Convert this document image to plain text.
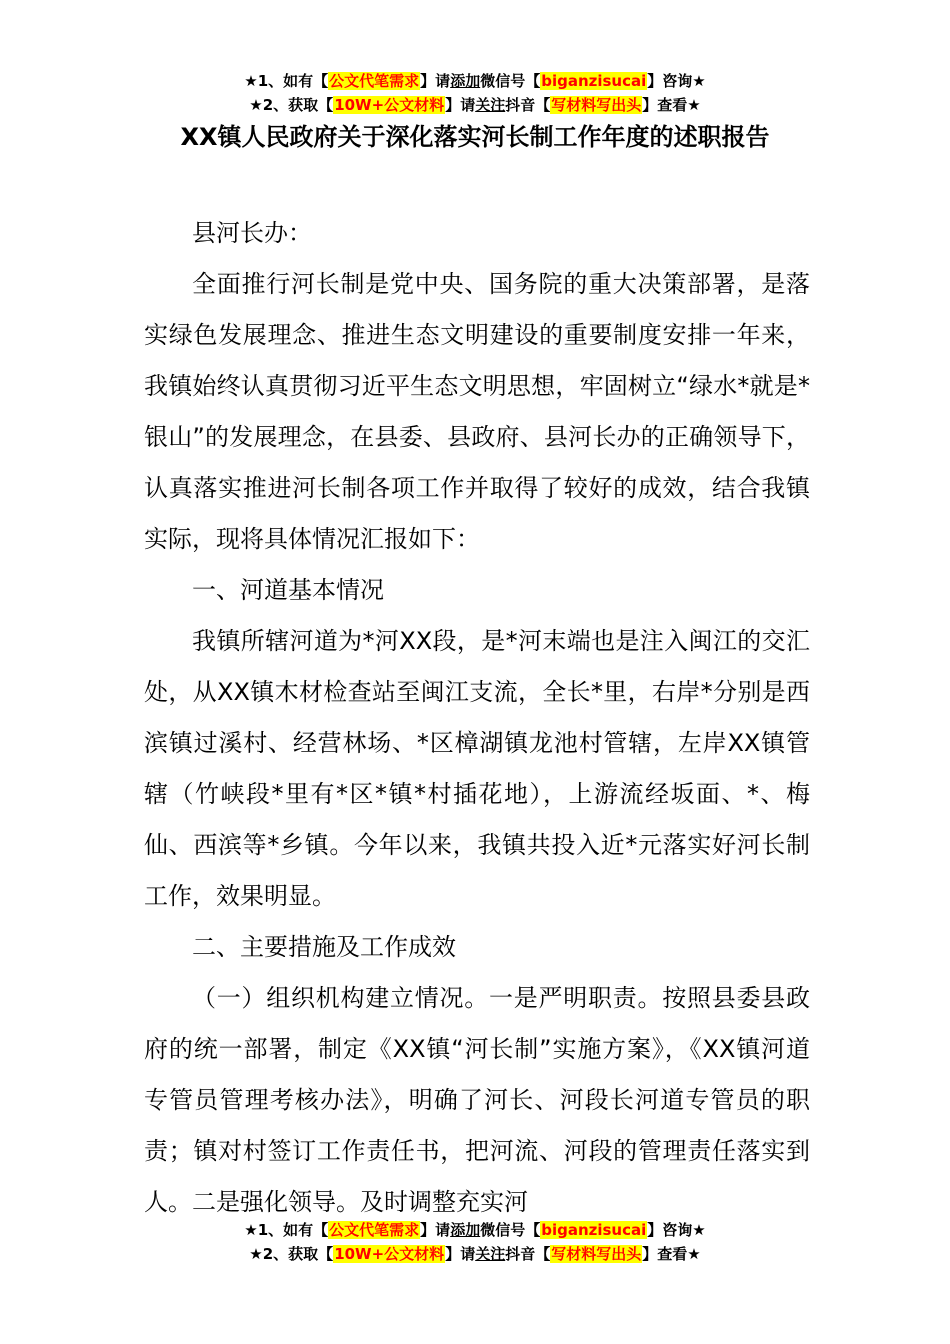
★1、如有【公文代笔需求】请添加微信号【biganzisucai】咨询★
★2、获取【10W+公文材料】请关注抖音【写材料写出头】查看★
XX镇人民政府关于深化落实河长制工作年度的述职报告

县河长办：

全面推行河长制是党中央、国务院的重大决策部署，是落实绿色发展理念、推进生态文明建设的重要制度安排一年来，我镇始终认真贯彻习近平生态文明思想，牢固树立“绿水*就是*银山”的发展理念，在县委、县政府、县河长办的正确领导下，认真落实推进河长制各项工作并取得了较好的成效，结合我镇实际，现将具体情况汇报如下：

一、河道基本情况

我镇所辖河道为*河XX段，是*河末端也是注入闽江的交汇处，从XX镇木材检查站至闽江支流，全长*里，右岸*分别是西滨镇过溪村、经营林场、*区樟湖镇龙池村管辖，左岸XX镇管辖（竹峡段*里有*区*镇*村插花地），上游流经坂面、*、梅仙、西滨等*乡镇。今年以来，我镇共投入近*元落实好河长制工作，效果明显。

二、主要措施及工作成效

（一）组织机构建立情况。一是严明职责。按照县委县政府的统一部署，制定《XX镇“河长制”实施方案》，《XX镇河道专管员管理考核办法》，明确了河长、河段长河道专管员的职责；镇对村签订工作责任书，把河流、河段的管理责任落实到人。二是强化领导。及时调整充实河

★1、如有【公文代笔需求】请添加微信号【biganzisucai】咨询★
★2、获取【10W+公文材料】请关注抖音【写材料写出头】查看★
